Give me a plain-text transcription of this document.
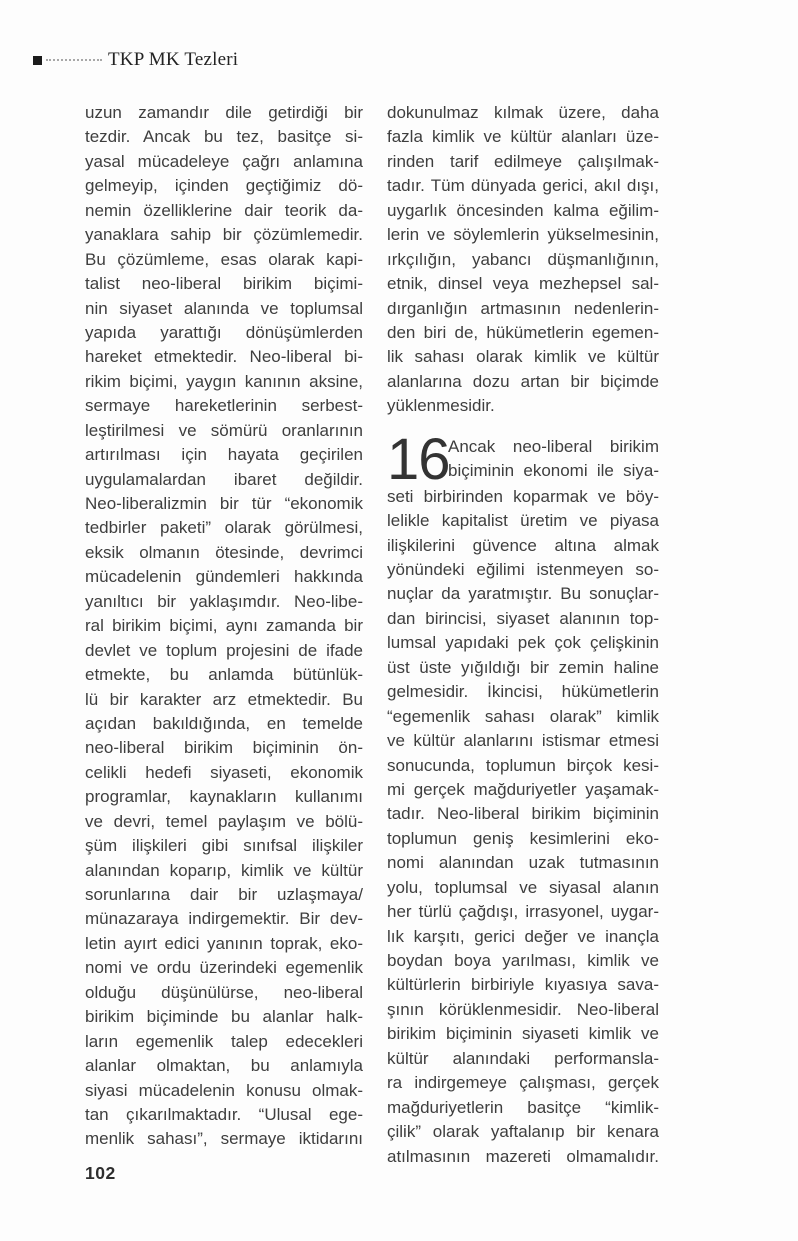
TKP MK Tezleri
uzun zamandır dile getirdiği bir
tezdir. Ancak bu tez, basitçe si-
yasal mücadeleye çağrı anlamına
gelmeyip, içinden geçtiğimiz dö-
nemin özelliklerine dair teorik da-
yanaklara sahip bir çözümlemedir.
Bu çözümleme, esas olarak kapi-
talist neo-liberal birikim biçimi-
nin siyaset alanında ve toplumsal
yapıda yarattığı dönüşümlerden
hareket etmektedir. Neo-liberal bi-
rikim biçimi, yaygın kanının aksine,
sermaye hareketlerinin serbest-
leştirilmesi ve sömürü oranlarının
artırılması için hayata geçirilen
uygulamalardan ibaret değildir.
Neo-liberalizmin bir tür “ekonomik
tedbirler paketi” olarak görülmesi,
eksik olmanın ötesinde, devrimci
mücadelenin gündemleri hakkında
yanıltıcı bir yaklaşımdır. Neo-libe-
ral birikim biçimi, aynı zamanda bir
devlet ve toplum projesini de ifade
etmekte, bu anlamda bütünlük-
lü bir karakter arz etmektedir. Bu
açıdan bakıldığında, en temelde
neo-liberal birikim biçiminin ön-
celikli hedefi siyaseti, ekonomik
programlar, kaynakların kullanımı
ve devri, temel paylaşım ve bölü-
şüm ilişkileri gibi sınıfsal ilişkiler
alanından koparıp, kimlik ve kültür
sorunlarına dair bir uzlaşmaya/
münazaraya indirgemektir. Bir dev-
letin ayırt edici yanının toprak, eko-
nomi ve ordu üzerindeki egemenlik
olduğu düşünülürse, neo-liberal
birikim biçiminde bu alanlar halk-
ların egemenlik talep edecekleri
alanlar olmaktan, bu anlamıyla
siyasi mücadelenin konusu olmak-
tan çıkarılmaktadır. “Ulusal ege-
menlik sahası”, sermaye iktidarını
dokunulmaz kılmak üzere, daha
fazla kimlik ve kültür alanları üze-
rinden tarif edilmeye çalışılmak-
tadır. Tüm dünyada gerici, akıl dışı,
uygarlık öncesinden kalma eğilim-
lerin ve söylemlerin yükselmesinin,
ırkçılığın, yabancı düşmanlığının,
etnik, dinsel veya mezhepsel sal-
dırganlığın artmasının nedenlerin-
den biri de, hükümetlerin egemen-
lik sahası olarak kimlik ve kültür
alanlarına dozu artan bir biçimde
yüklenmesidir.
16
Ancak neo-liberal birikim
biçiminin ekonomi ile siya-
seti birbirinden koparmak ve böy-
lelikle kapitalist üretim ve piyasa
ilişkilerini güvence altına almak
yönündeki eğilimi istenmeyen so-
nuçlar da yaratmıştır. Bu sonuçlar-
dan birincisi, siyaset alanının top-
lumsal yapıdaki pek çok çelişkinin
üst üste yığıldığı bir zemin haline
gelmesidir. İkincisi, hükümetlerin
“egemenlik sahası olarak” kimlik
ve kültür alanlarını istismar etmesi
sonucunda, toplumun birçok kesi-
mi gerçek mağduriyetler yaşamak-
tadır. Neo-liberal birikim biçiminin
toplumun geniş kesimlerini eko-
nomi alanından uzak tutmasının
yolu, toplumsal ve siyasal alanın
her türlü çağdışı, irrasyonel, uygar-
lık karşıtı, gerici değer ve inançla
boydan boya yarılması, kimlik ve
kültürlerin birbiriyle kıyasıya sava-
şının körüklenmesidir. Neo-liberal
birikim biçiminin siyaseti kimlik ve
kültür alanındaki performansla-
ra indirgemeye çalışması, gerçek
mağduriyetlerin basitçe “kimlik-
çilik” olarak yaftalanıp bir kenara
atılmasının mazereti olmamalıdır.
102
